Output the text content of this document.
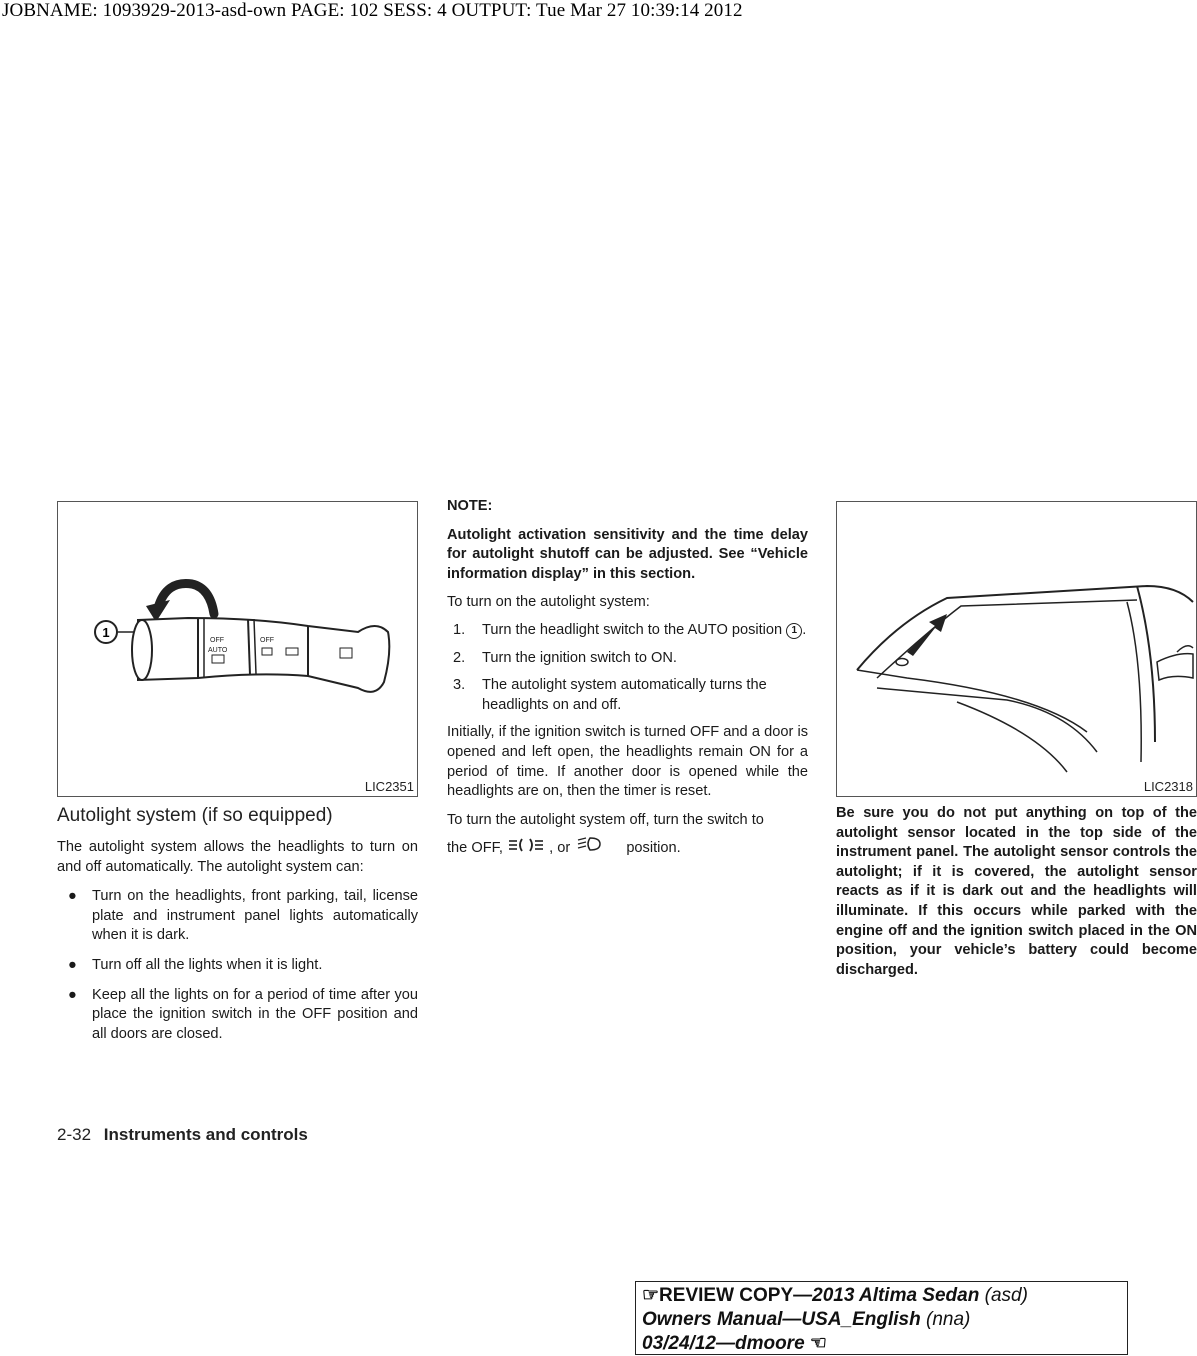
JOBNAME: 1093929-2013-asd-own PAGE: 102 SESS: 4 OUTPUT: Tue Mar 27 10:39:14 2012
1
OFF
AUTO
OFF
LIC2351
Autolight system (if so equipped)

The autolight system allows the headlights to turn on and off automatically. The autolight system can:

● Turn on the headlights, front parking, tail, license plate and instrument panel lights automatically when it is dark.

● Turn off all the lights when it is light.

● Keep all the lights on for a period of time after you place the ignition switch in the OFF position and all doors are closed.

NOTE:

Autolight activation sensitivity and the time delay for autolight shutoff can be adjusted. See “Vehicle information display” in this section.

To turn on the autolight system:

1. Turn the headlight switch to the AUTO position 1 .
2. Turn the ignition switch to ON.
3. The autolight system automatically turns the headlights on and off.

Initially, if the ignition switch is turned OFF and a door is opened and left open, the headlights remain ON for a period of time. If another door is opened while the headlights are on, then the timer is reset.

To turn the autolight system off, turn the switch to

the OFF,	, or	position.

LIC2318

Be sure you do not put anything on top of the autolight sensor located in the top side of the instrument panel. The autolight sensor controls the autolight; if it is covered, the autolight sensor reacts as if it is dark out and the headlights will illuminate. If this occurs while parked with the engine off and the ignition switch placed in the ON position, your vehicle’s battery could become discharged.

2-32 Instruments and controls
☞REVIEW COPY—2013 Altima Sedan (asd)
Owners Manual—USA_English (nna)
03/24/12—dmoore ☜
